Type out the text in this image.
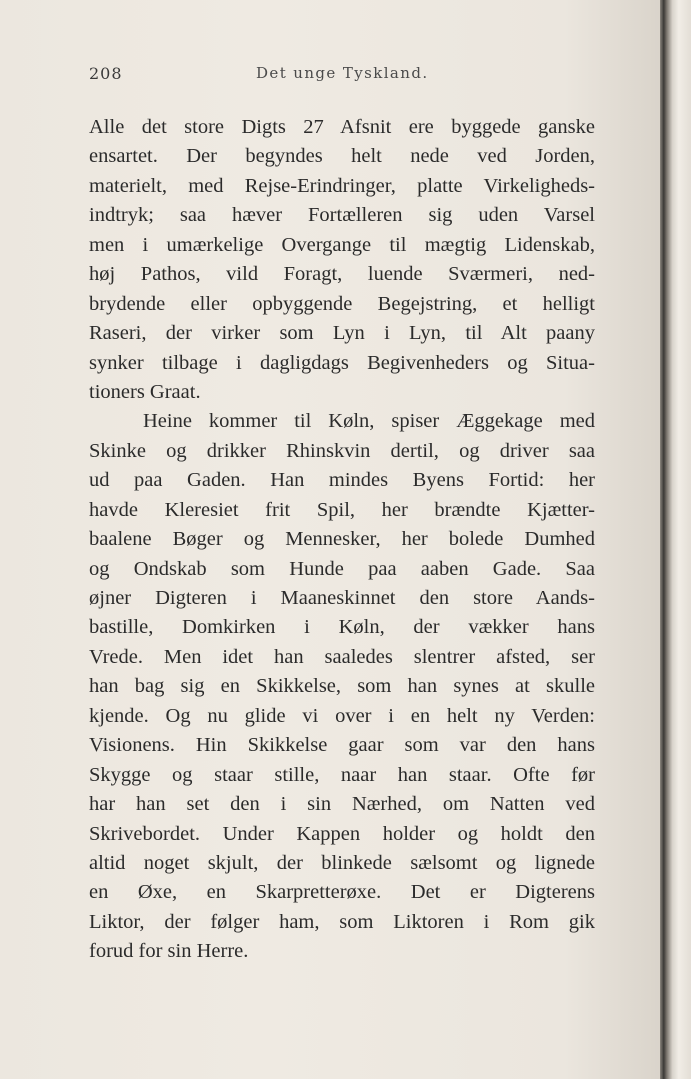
208	Det unge Tyskland.
Alle det store Digts 27 Afsnit ere byggede ganske
ensartet. Der begyndes helt nede ved Jorden,
materielt, med Rejse-Erindringer, platte Virkeligheds-
indtryk; saa hæver Fortælleren sig uden Varsel
men i umærkelige Overgange til mægtig Lidenskab,
høj Pathos, vild Foragt, luende Sværmeri, ned-
brydende eller opbyggende Begejstring, et helligt
Raseri, der virker som Lyn i Lyn, til Alt paany
synker tilbage i dagligdags Begivenheders og Situa-
tioners Graat.
Heine kommer til Køln, spiser Æggekage med
Skinke og drikker Rhinskvin dertil, og driver saa
ud paa Gaden. Han mindes Byens Fortid: her
havde Kleresiet frit Spil, her brændte Kjætter-
baalene Bøger og Mennesker, her bolede Dumhed
og Ondskab som Hunde paa aaben Gade. Saa
øjner Digteren i Maaneskinnet den store Aands-
bastille, Domkirken i Køln, der vækker hans
Vrede. Men idet han saaledes slentrer afsted, ser
han bag sig en Skikkelse, som han synes at skulle
kjende. Og nu glide vi over i en helt ny Verden:
Visionens. Hin Skikkelse gaar som var den hans
Skygge og staar stille, naar han staar. Ofte før
har han set den i sin Nærhed, om Natten ved
Skrivebordet. Under Kappen holder og holdt den
altid noget skjult, der blinkede sælsomt og lignede
en Øxe, en Skarpretterøxe. Det er Digterens
Liktor, der følger ham, som Liktoren i Rom gik
forud for sin Herre.
